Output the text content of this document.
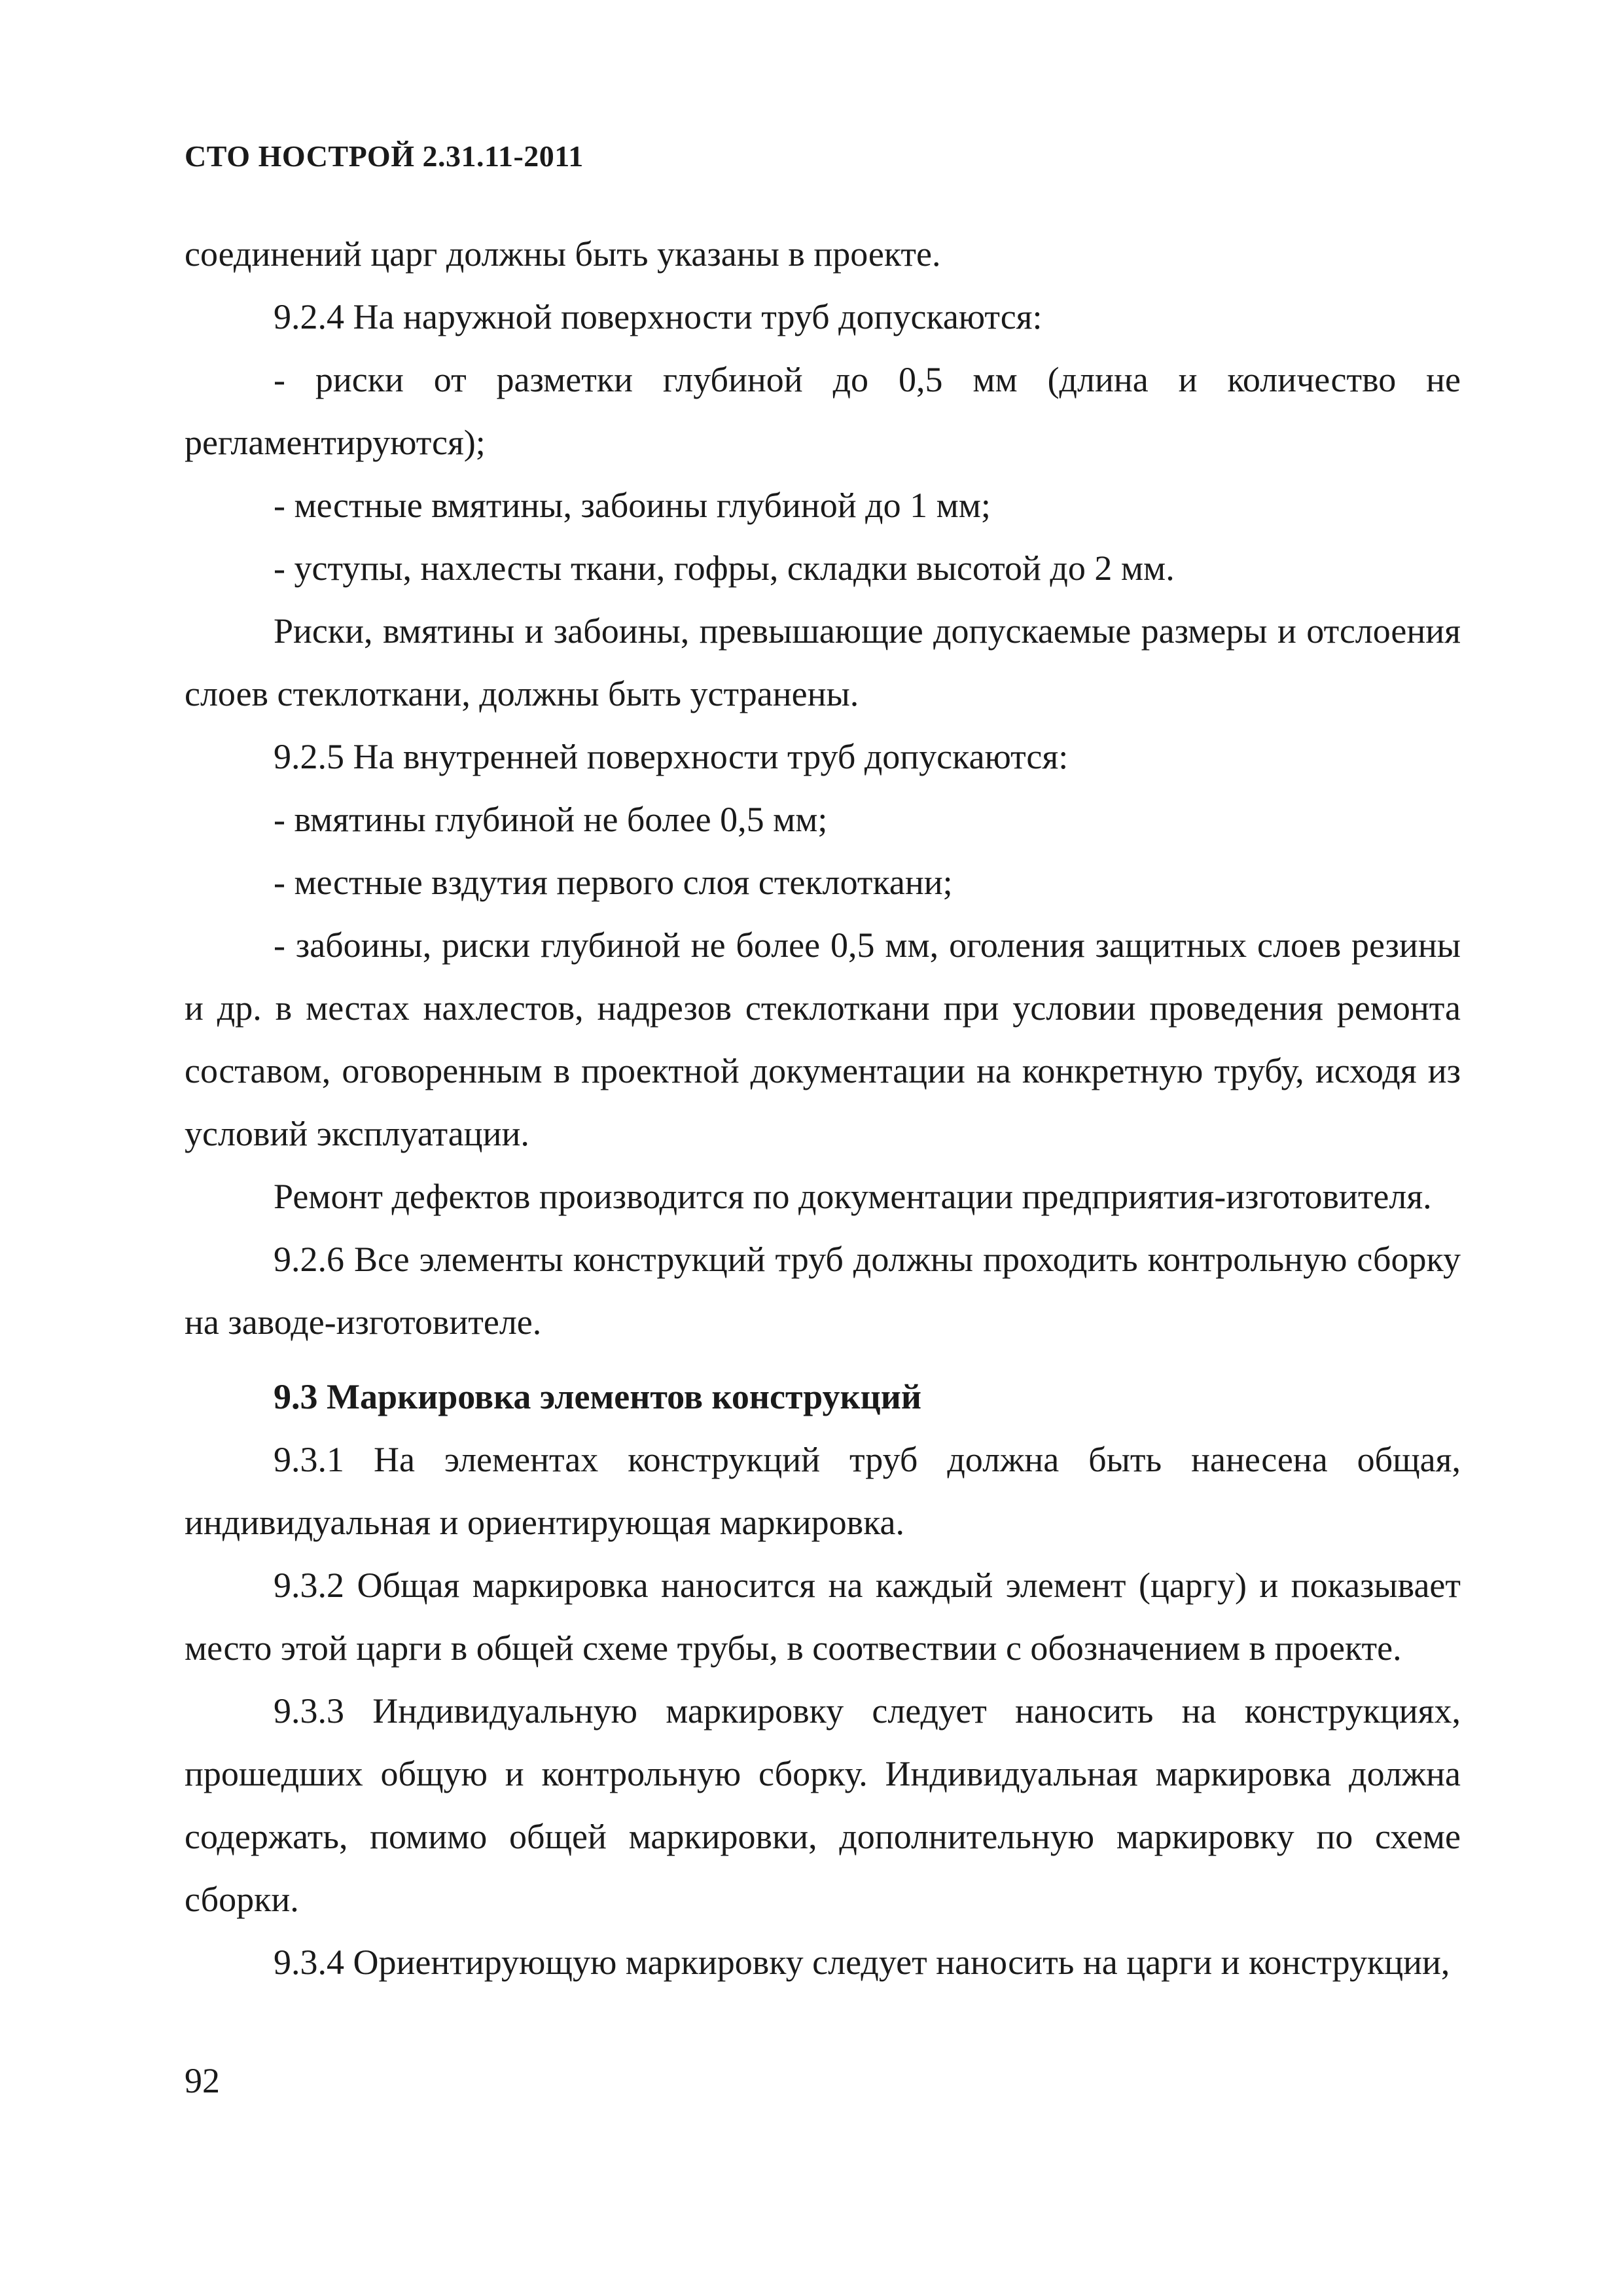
СТО НОСТРОЙ 2.31.11-2011

соединений царг должны быть указаны в проекте.

9.2.4 На наружной поверхности труб допускаются:

- риски от разметки глубиной до 0,5 мм (длина и количество не регламентируются);

- местные вмятины, забоины глубиной до 1 мм;

- уступы, нахлесты ткани, гофры, складки высотой до 2 мм.

Риски, вмятины и забоины, превышающие допускаемые размеры и отслоения слоев стеклоткани, должны быть устранены.

9.2.5 На внутренней поверхности труб допускаются:

- вмятины глубиной не более 0,5 мм;

- местные вздутия первого слоя стеклоткани;

- забоины, риски глубиной не более 0,5 мм, оголения защитных слоев резины и др. в местах нахлестов, надрезов стеклоткани при условии проведения ремонта составом, оговоренным в проектной документации на конкретную трубу, исходя из условий эксплуатации.

Ремонт дефектов производится по документации предприятия-изготовителя.

9.2.6 Все элементы конструкций труб должны проходить контрольную сборку на заводе-изготовителе.

9.3 Маркировка элементов конструкций

9.3.1 На элементах конструкций труб должна быть нанесена общая, индивидуальная и ориентирующая маркировка.

9.3.2 Общая маркировка наносится на каждый элемент (царгу) и показывает место этой царги в общей схеме трубы, в соотвествии с обозначением в проекте.

9.3.3 Индивидуальную маркировку следует наносить на конструкциях, прошедших общую и контрольную сборку. Индивидуальная маркировка должна содержать, помимо общей маркировки, дополнительную маркировку по схеме сборки.

9.3.4 Ориентирующую маркировку следует наносить на царги и конструкции,

92
